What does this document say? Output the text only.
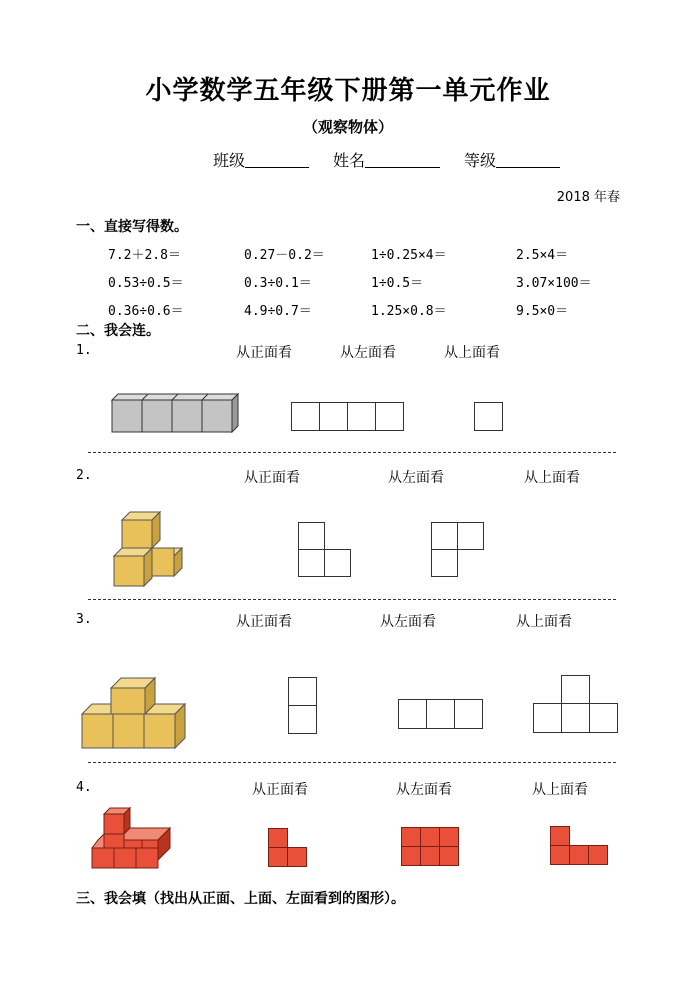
小学数学五年级下册第一单元作业
（观察物体）
班级	姓名	等级
2018 年春
一、直接写得数。
7.2＋2.8＝	0.27－0.2＝	1÷0.25×4＝	2.5×4＝
0.53÷0.5＝	0.3÷0.1＝	1÷0.5＝	3.07×100＝
0.36÷0.6＝	4.9÷0.7＝	1.25×0.8＝	9.5×0＝
二、我会连。
1.	从正面看	从左面看	从上面看
2.	从正面看	从左面看	从上面看
3.	从正面看	从左面看	从上面看
4.	从正面看	从左面看	从上面看
三、我会填（找出从正面、上面、左面看到的图形）。
